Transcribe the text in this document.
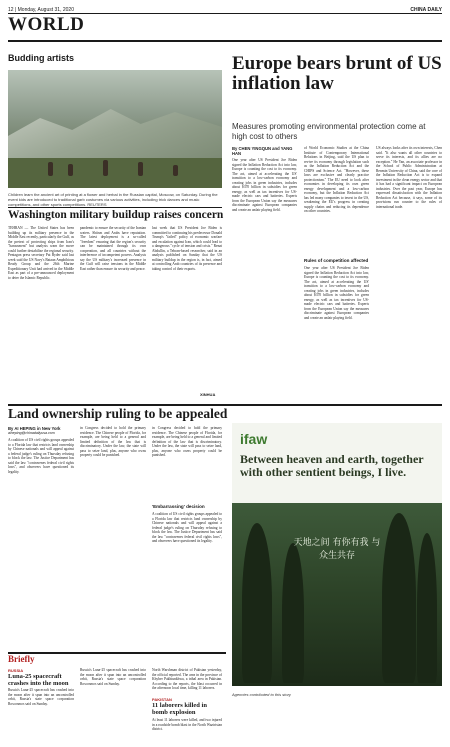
12 | Monday, August 31, 2020	CHINA DAILY
WORLD
Budding artists
Children learn the ancient art of printing at a flower and herbal in the Russian capital, Moscow, on Saturday. During the event kids are introduced to traditional garb costumes via various activities, including trick dances and music competitions, and other sports competitions. REUTERS
Europe bears brunt of US inflation law
Measures promoting environmental protection come at high cost to others
By CHEN YINGQUN and YANG HAN
One year after US President Joe Biden signed the Inflation Reduction Act into law, Europe is counting the cost to its economy. The act, aimed at accelerating the US' transition to a low-carbon economy and creating jobs in green industries, includes about $370 billion in subsidies for green energy, as well as tax incentives for US-made electric cars and batteries. Experts from the European Union say the measures discriminate against European companies and create an unfair playing field.
of World Economic Studies at the China Institute of Contemporary International Relations in Beijing, said the US plan to revive its economy through legislation such as the Inflation Reduction Act and the CHIPS and Science Act. "However, these laws are exclusive and clearly practice protectionism." The EU need to look after economies in developing its own green energy development and a low-carbon economy, but the Inflation Reduction Act has led many companies to invest in the US, weakening the EU's progress in creating supply chains and reducing its dependence on other countries.
Rules of competition affected
One year after US President Joe Biden signed the Inflation Reduction Act into law, Europe is counting the cost to its economy. The act, aimed at accelerating the US' transition to a low-carbon economy and creating jobs in green industries, includes about $370 billion in subsidies for green energy, as well as tax incentives for US-made electric cars and batteries. Experts from the European Union say the measures discriminate against European companies and create an unfair playing field.
US always looks after its own interests, Chen said. "It also wants all other countries to serve its interests, and its allies are no exception." He Yan, an associate professor in the School of Public Administration at Renmin University of China, said the core of the Inflation Reduction Act is to expand investment in the clean energy sector and that it has had a significant impact on European industries. Over the past year, Europe has expressed dissatisfaction with the Inflation Reduction Act because, it says, some of its provisions run counter to the rules of international trade.
Washington military buildup raises concern
TEHRAN — The United States has been building up its military presence in the Middle East recently, particularly the Gulf, as the pretext of protecting ships from Iran's "harassment" but analysts warn the move could further destabilize the regional security. Pentagon press secretary Pat Ryder said last week said the US Navy's Bataan Amphibious Ready Group and the 26th Marine Expeditionary Unit had arrived in the Middle East as part of a pre-announced deployment to deter the Islamic Republic.
pandemic to ensure the security of the Iranian waters. Shiism and Arabs have reputation. The latest deployment is a so-called "freedom" ensuring that the region's security can be maintained through its own cooperation, and all countries without the interference of incompetent powers. Analysts say the US military's increased presence in the Gulf will raise tensions in the Middle East rather than ensure its security and peace.
last week that US President Joe Biden is committed to continuing his predecessor Donald Trump's "failed" policy of economic warfare and escalation against Iran, which could lead to a dangerous "cycle of tension and crisis." Renat Abdullin, a Tehran-based researcher, said in an analysis published on Sunday that the US military buildup in the region is, in fact, aimed at controlling Arab countries of its presence and taking control of their exports.
XINHUA
Land ownership ruling to be appealed
By AI HEPING in New York
aiheping@chinadailyusa.com
A coalition of US civil rights groups appealed to a Florida law that restricts land ownership by Chinese nationals and will appeal against a federal judge's ruling on Thursday refusing to block the law. The Justice Department has said the law "contravenes federal civil rights laws", and observers have questioned its legality.
in Congress decided to hold the primary residence. The Chinese people of Florida, for example, are being held to a general and limited definition of the law that is discriminatory. Under the law, the state will pass to seize land, plus, anyone who owns property could be punished.
'Embarrassing' decision
in Congress decided to hold the primary residence. The Chinese people of Florida, for example, are being held to a general and limited definition of the law that is discriminatory. Under the law, the state will pass to seize land, plus, anyone who owns property could be punished.
A coalition of US civil rights groups appealed to a Florida law that restricts land ownership by Chinese nationals and will appeal against a federal judge's ruling on Thursday refusing to block the law. The Justice Department has said the law "contravenes federal civil rights laws", and observers have questioned its legality.
Briefly
RUSSIA
Luna-25 spacecraft crashes into the moon
Russia's Luna-25 spacecraft has crashed into the moon after it spun into an uncontrolled orbit, Russia's state space corporation Roscosmos said on Sunday.
Russia's Luna-25 spacecraft has crashed into the moon after it spun into an uncontrolled orbit, Russia's state space corporation Roscosmos said on Sunday.
PAKISTAN
11 laborers killed in bomb explosion
At least 11 laborers were killed, and two injured in a roadside bomb blast in the North Waziristan district.
North Warshman district of Pakistan yesterday, the official reported. The area in the province of Khyber Pakhtunkhwa, a tribal area in Pakistan. According to the reports, the blast occurred in the afternoon local time, killing 11 laborers.
ifaw
Between heaven and earth, together with other sentient beings, I live.
天地之间 有你有我 与众生共存
Agencies contributed to this story
